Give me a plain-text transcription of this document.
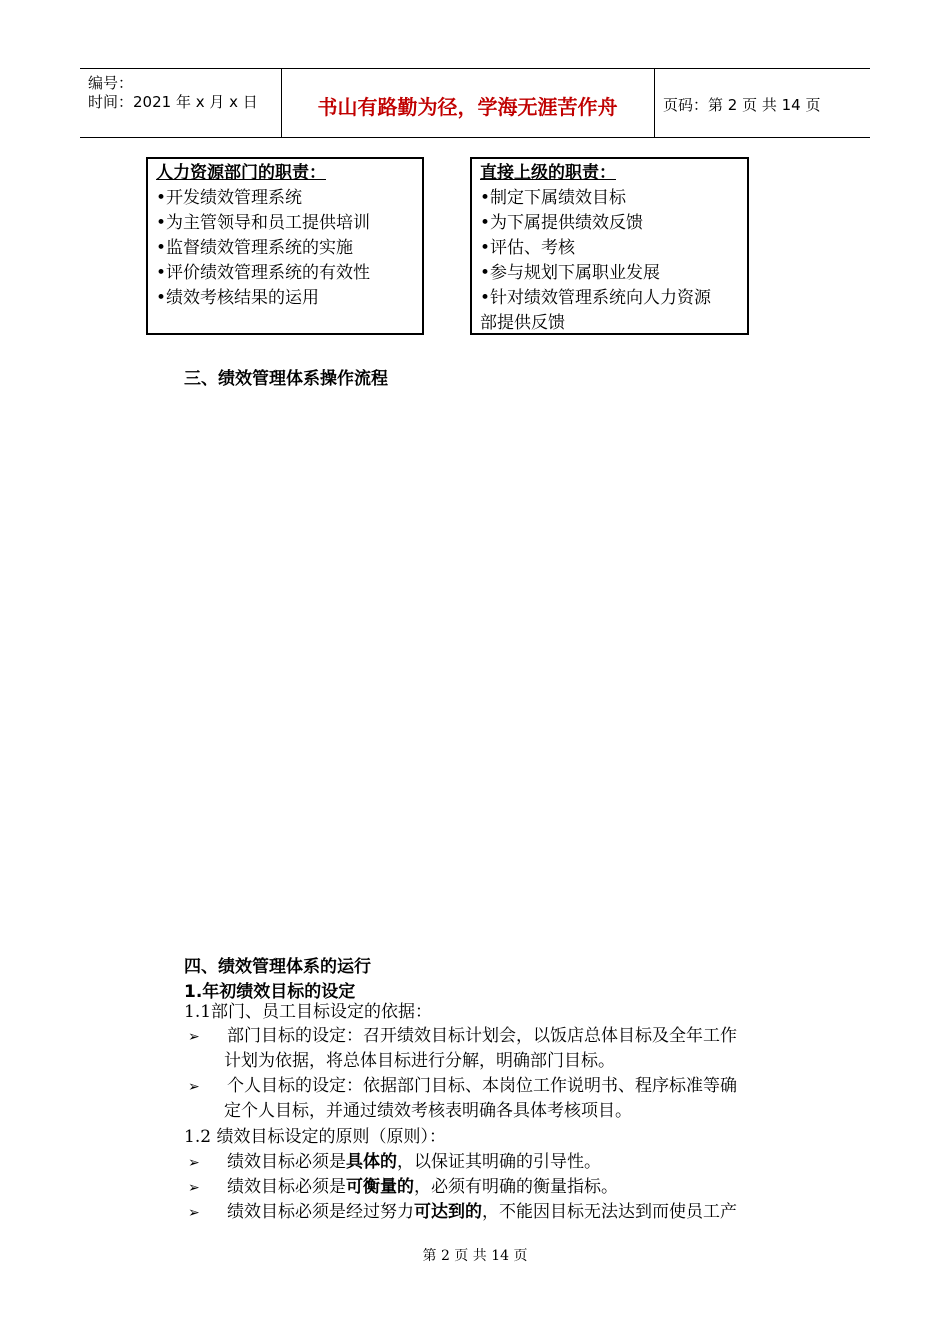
编号：
时间：2021 年 x 月 x 日	书山有路勤为径，学海无涯苦作舟	页码：第 2 页 共 14 页
人力资源部门的职责：
•开发绩效管理系统
•为主管领导和员工提供培训
•监督绩效管理系统的实施
•评价绩效管理系统的有效性
•绩效考核结果的运用
直接上级的职责：
•制定下属绩效目标
•为下属提供绩效反馈
•评估、考核
•参与规划下属职业发展
•针对绩效管理系统向人力资源
部提供反馈
三、绩效管理体系操作流程
四、绩效管理体系的运行
1.年初绩效目标的设定
1.1部门、员工目标设定的依据：
➢ 部门目标的设定：召开绩效目标计划会，以饭店总体目标及全年工作
计划为依据，将总体目标进行分解，明确部门目标。
➢ 个人目标的设定：依据部门目标、本岗位工作说明书、程序标准等确
定个人目标，并通过绩效考核表明确各具体考核项目。
1.2 绩效目标设定的原则（原则）：
➢ 绩效目标必须是具体的，以保证其明确的引导性。
➢ 绩效目标必须是可衡量的，必须有明确的衡量指标。
➢ 绩效目标必须是经过努力可达到的，不能因目标无法达到而使员工产
第 2 页 共 14 页
